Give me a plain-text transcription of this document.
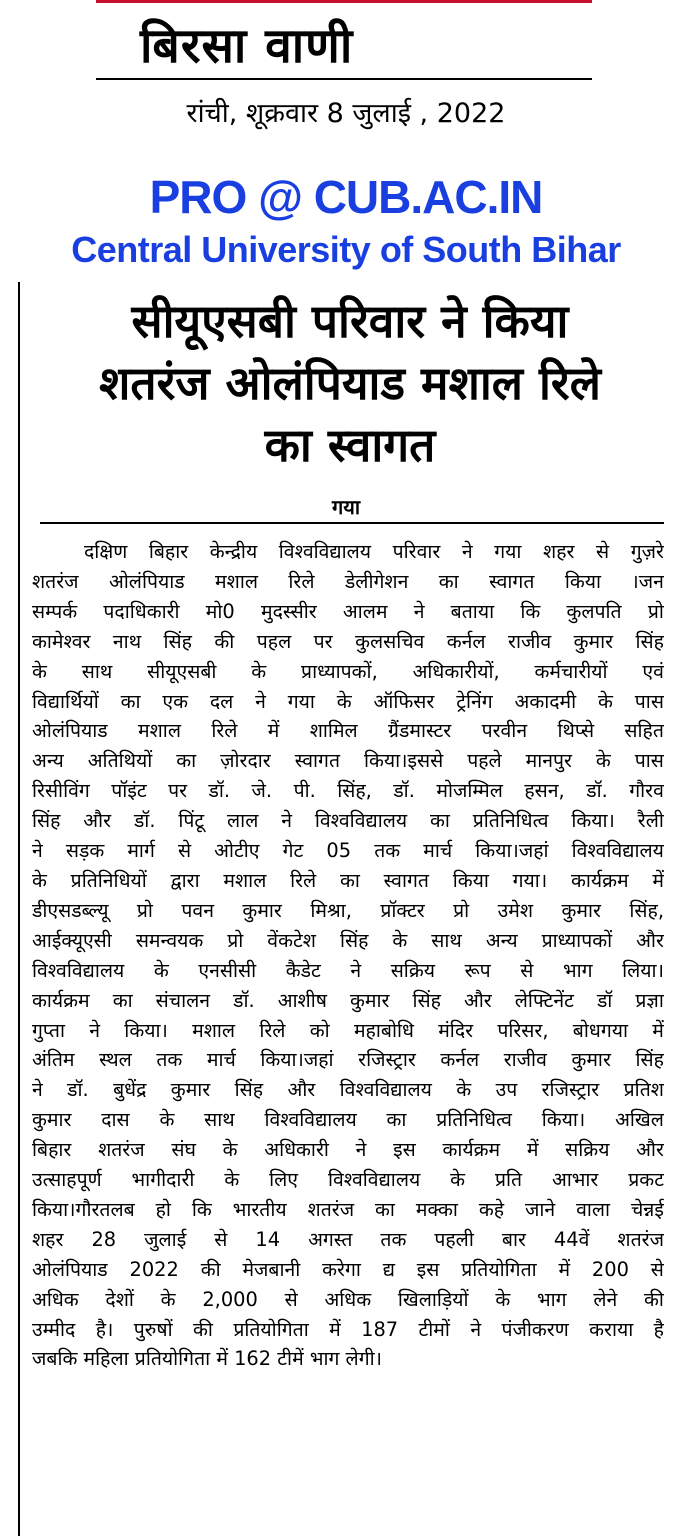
बिरसा वाणी
रांची, शूक्रवार 8 जुलाई , 2022
PRO @ CUB.AC.IN
Central University of South Bihar
सीयूएसबी परिवार ने किया
शतरंज ओलंपियाड मशाल रिले
का स्वागत
गया
दक्षिण बिहार केन्द्रीय विश्वविद्यालय परिवार ने गया शहर से गुज़रे
शतरंज ओलंपियाड मशाल रिले डेलीगेशन का स्वागत किया ।जन
सम्पर्क पदाधिकारी मो0 मुदस्सीर आलम ने बताया कि कुलपति प्रो
कामेश्वर नाथ सिंह की पहल पर कुलसचिव कर्नल राजीव कुमार सिंह
के साथ सीयूएसबी के प्राध्यापकों, अधिकारीयों, कर्मचारीयों एवं
विद्यार्थियों का एक दल ने गया के ऑफिसर ट्रेनिंग अकादमी के पास
ओलंपियाड मशाल रिले में शामिल ग्रैंडमास्टर परवीन थिप्से सहित
अन्य अतिथियों का ज़ोरदार स्वागत किया।इससे पहले मानपुर के पास
रिसीविंग पॉइंट पर डॉ. जे. पी. सिंह, डॉ. मोजम्मिल हसन, डॉ. गौरव
सिंह और डॉ. पिंटू लाल ने विश्वविद्यालय का प्रतिनिधित्व किया। रैली
ने सड़क मार्ग से ओटीए गेट 05 तक मार्च किया।जहां विश्वविद्यालय
के प्रतिनिधियों द्वारा मशाल रिले का स्वागत किया गया। कार्यक्रम में
डीएसडब्ल्यू प्रो पवन कुमार मिश्रा, प्रॉक्टर प्रो उमेश कुमार सिंह,
आईक्यूएसी समन्वयक प्रो वेंकटेश सिंह के साथ अन्य प्राध्यापकों और
विश्वविद्यालय के एनसीसी कैडेट ने सक्रिय रूप से भाग लिया।
कार्यक्रम का संचालन डॉ. आशीष कुमार सिंह और लेफ्टिनेंट डॉ प्रज्ञा
गुप्ता ने किया। मशाल रिले को महाबोधि मंदिर परिसर, बोधगया में
अंतिम स्थल तक मार्च किया।जहां रजिस्ट्रार कर्नल राजीव कुमार सिंह
ने डॉ. बुधेंद्र कुमार सिंह और विश्वविद्यालय के उप रजिस्ट्रार प्रतिश
कुमार दास के साथ विश्वविद्यालय का प्रतिनिधित्व किया। अखिल
बिहार शतरंज संघ के अधिकारी ने इस कार्यक्रम में सक्रिय और
उत्साहपूर्ण भागीदारी के लिए विश्वविद्यालय के प्रति आभार प्रकट
किया।गौरतलब हो कि भारतीय शतरंज का मक्का कहे जाने वाला चेन्नई
शहर 28 जुलाई से 14 अगस्त तक पहली बार 44वें शतरंज
ओलंपियाड 2022 की मेजबानी करेगा द्य इस प्रतियोगिता में 200 से
अधिक देशों के 2,000 से अधिक खिलाड़ियों के भाग लेने की
उम्मीद है। पुरुषों की प्रतियोगिता में 187 टीमों ने पंजीकरण कराया है
जबकि महिला प्रतियोगिता में 162 टीमें भाग लेगी।
